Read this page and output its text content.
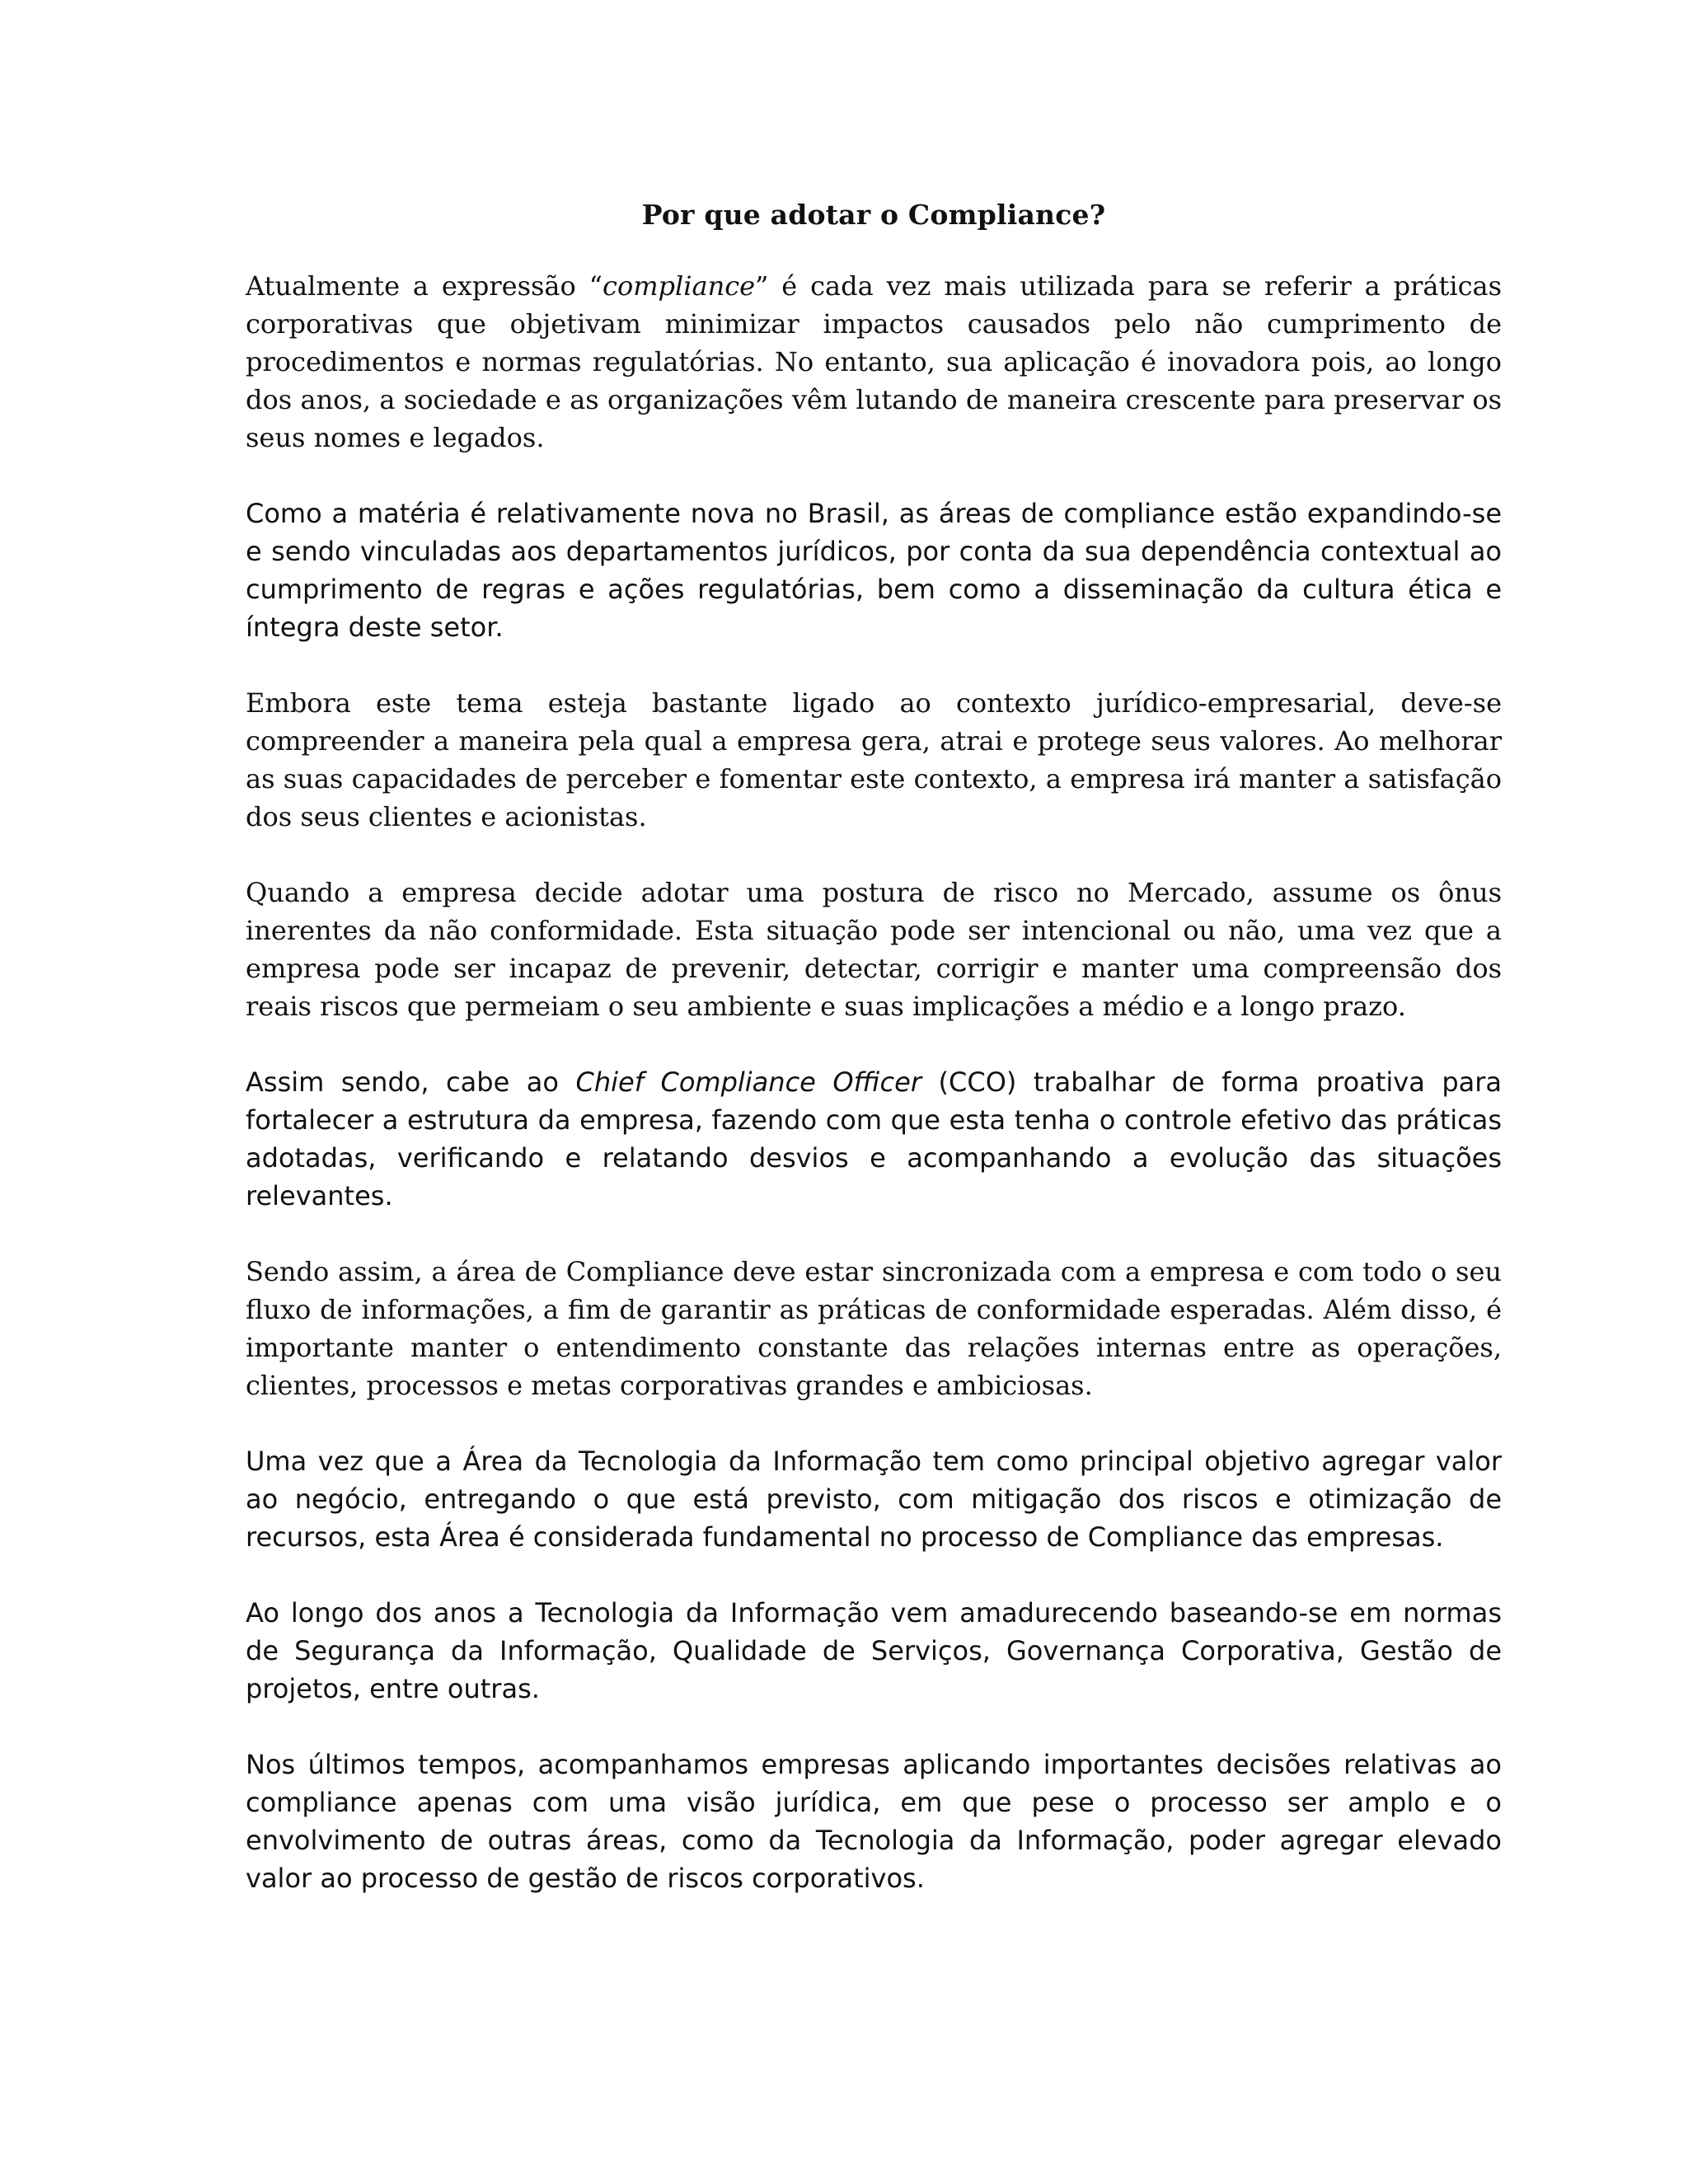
Por que adotar o Compliance?

Atualmente a expressão “compliance” é cada vez mais utilizada para se referir a práticas corporativas que objetivam minimizar impactos causados pelo não cumprimento de procedimentos e normas regulatórias. No entanto, sua aplicação é inovadora pois, ao longo dos anos, a sociedade e as organizações vêm lutando de maneira crescente para preservar os seus nomes e legados.

Como a matéria é relativamente nova no Brasil, as áreas de compliance estão expandindo-se e sendo vinculadas aos departamentos jurídicos, por conta da sua dependência contextual ao cumprimento de regras e ações regulatórias, bem como a disseminação da cultura ética e íntegra deste setor.

Embora este tema esteja bastante ligado ao contexto jurídico-empresarial, deve-se compreender a maneira pela qual a empresa gera, atrai e protege seus valores. Ao melhorar as suas capacidades de perceber e fomentar este contexto, a empresa irá manter a satisfação dos seus clientes e acionistas.

Quando a empresa decide adotar uma postura de risco no Mercado, assume os ônus inerentes da não conformidade. Esta situação pode ser intencional ou não, uma vez que a empresa pode ser incapaz de prevenir, detectar, corrigir e manter uma compreensão dos reais riscos que permeiam o seu ambiente e suas implicações a médio e a longo prazo.

Assim sendo, cabe ao Chief Compliance Officer (CCO) trabalhar de forma proativa para fortalecer a estrutura da empresa, fazendo com que esta tenha o controle efetivo das práticas adotadas, verificando e relatando desvios e acompanhando a evolução das situações relevantes.

Sendo assim, a área de Compliance deve estar sincronizada com a empresa e com todo o seu fluxo de informações, a fim de garantir as práticas de conformidade esperadas. Além disso, é importante manter o entendimento constante das relações internas entre as operações, clientes, processos e metas corporativas grandes e ambiciosas.

Uma vez que a Área da Tecnologia da Informação tem como principal objetivo agregar valor ao negócio, entregando o que está previsto, com mitigação dos riscos e otimização de recursos, esta Área é considerada fundamental no processo de Compliance das empresas.

Ao longo dos anos a Tecnologia da Informação vem amadurecendo baseando-se em normas de Segurança da Informação, Qualidade de Serviços, Governança Corporativa, Gestão de projetos, entre outras.

Nos últimos tempos, acompanhamos empresas aplicando importantes decisões relativas ao compliance apenas com uma visão jurídica, em que pese o processo ser amplo e o envolvimento de outras áreas, como da Tecnologia da Informação, poder agregar elevado valor ao processo de gestão de riscos corporativos.
